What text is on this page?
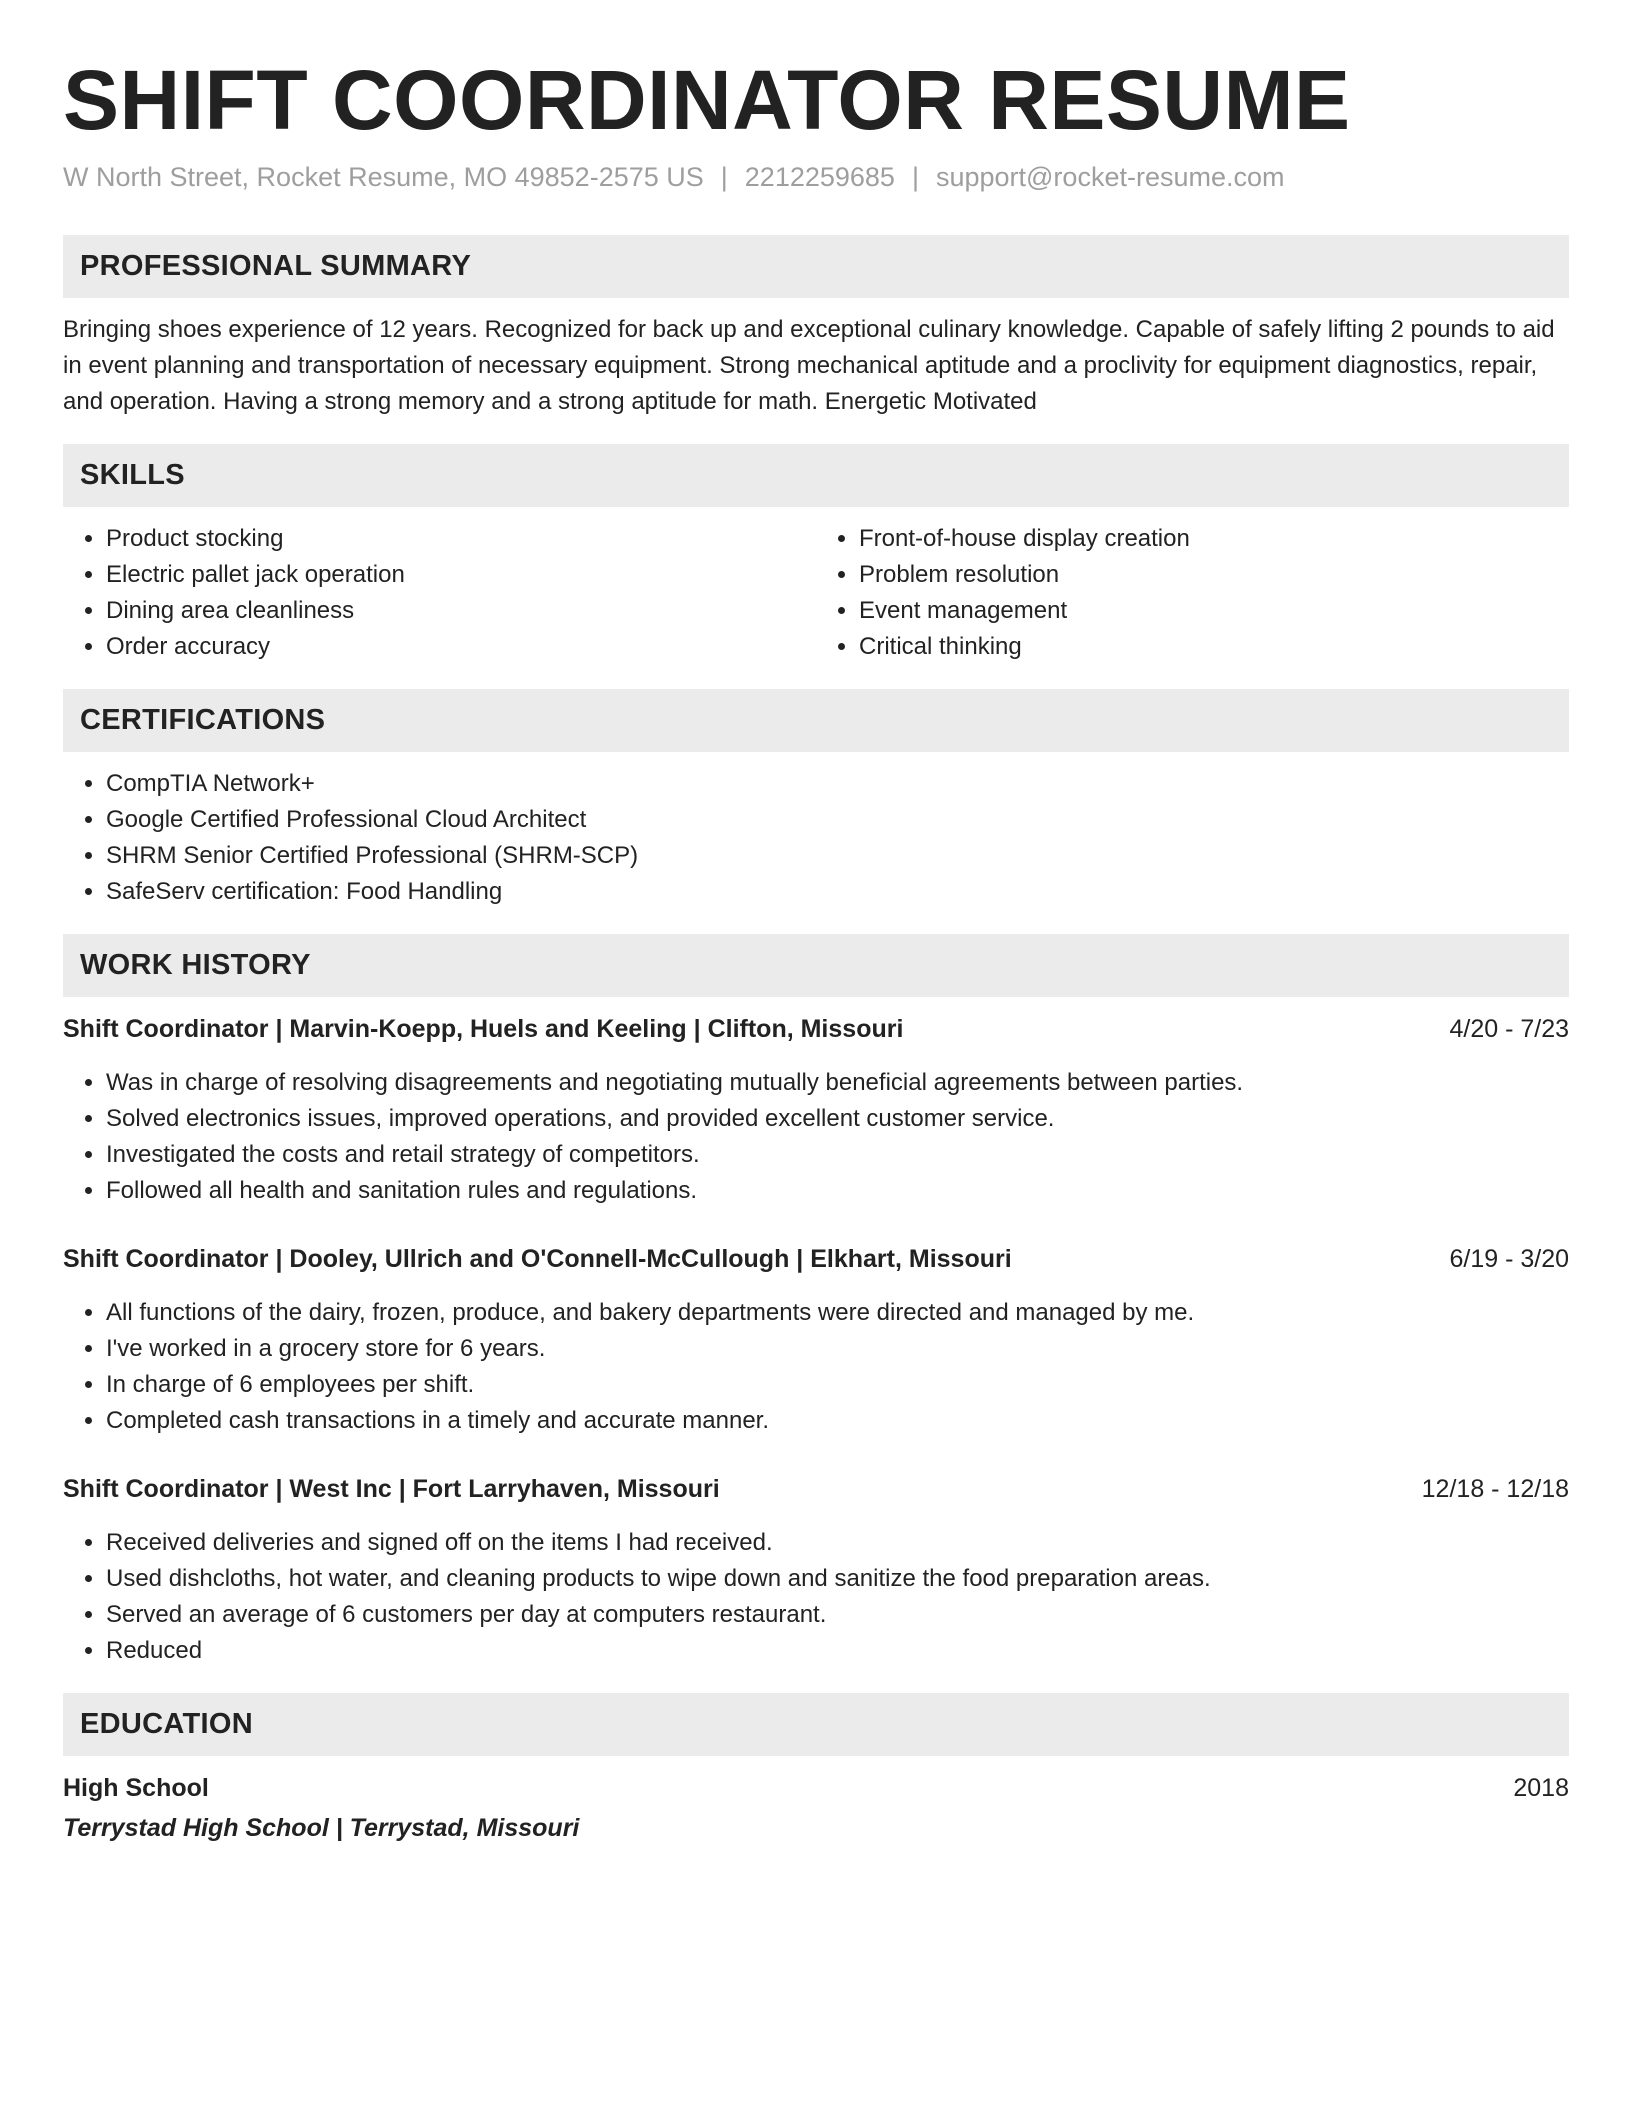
SHIFT COORDINATOR RESUME
W North Street, Rocket Resume, MO 49852-2575 US | 2212259685 | support@rocket-resume.com
PROFESSIONAL SUMMARY

Bringing shoes experience of 12 years. Recognized for back up and exceptional culinary knowledge. Capable of safely lifting 2 pounds to aid in event planning and transportation of necessary equipment. Strong mechanical aptitude and a proclivity for equipment diagnostics, repair, and operation. Having a strong memory and a strong aptitude for math. Energetic Motivated

SKILLS
• Product stocking
• Electric pallet jack operation
• Dining area cleanliness
• Order accuracy
• Front-of-house display creation
• Problem resolution
• Event management
• Critical thinking
CERTIFICATIONS
• CompTIA Network+
• Google Certified Professional Cloud Architect
• SHRM Senior Certified Professional (SHRM-SCP)
• SafeServ certification: Food Handling
WORK HISTORY
Shift Coordinator | Marvin-Koepp, Huels and Keeling | Clifton, Missouri	4/20 - 7/23
• Was in charge of resolving disagreements and negotiating mutually beneficial agreements between parties.
• Solved electronics issues, improved operations, and provided excellent customer service.
• Investigated the costs and retail strategy of competitors.
• Followed all health and sanitation rules and regulations.
Shift Coordinator | Dooley, Ullrich and O'Connell-McCullough | Elkhart, Missouri	6/19 - 3/20
• All functions of the dairy, frozen, produce, and bakery departments were directed and managed by me.
• I've worked in a grocery store for 6 years.
• In charge of 6 employees per shift.
• Completed cash transactions in a timely and accurate manner.
Shift Coordinator | West Inc | Fort Larryhaven, Missouri	12/18 - 12/18
• Received deliveries and signed off on the items I had received.
• Used dishcloths, hot water, and cleaning products to wipe down and sanitize the food preparation areas.
• Served an average of 6 customers per day at computers restaurant.
• Reduced
EDUCATION
High School	2018
Terrystad High School | Terrystad, Missouri
